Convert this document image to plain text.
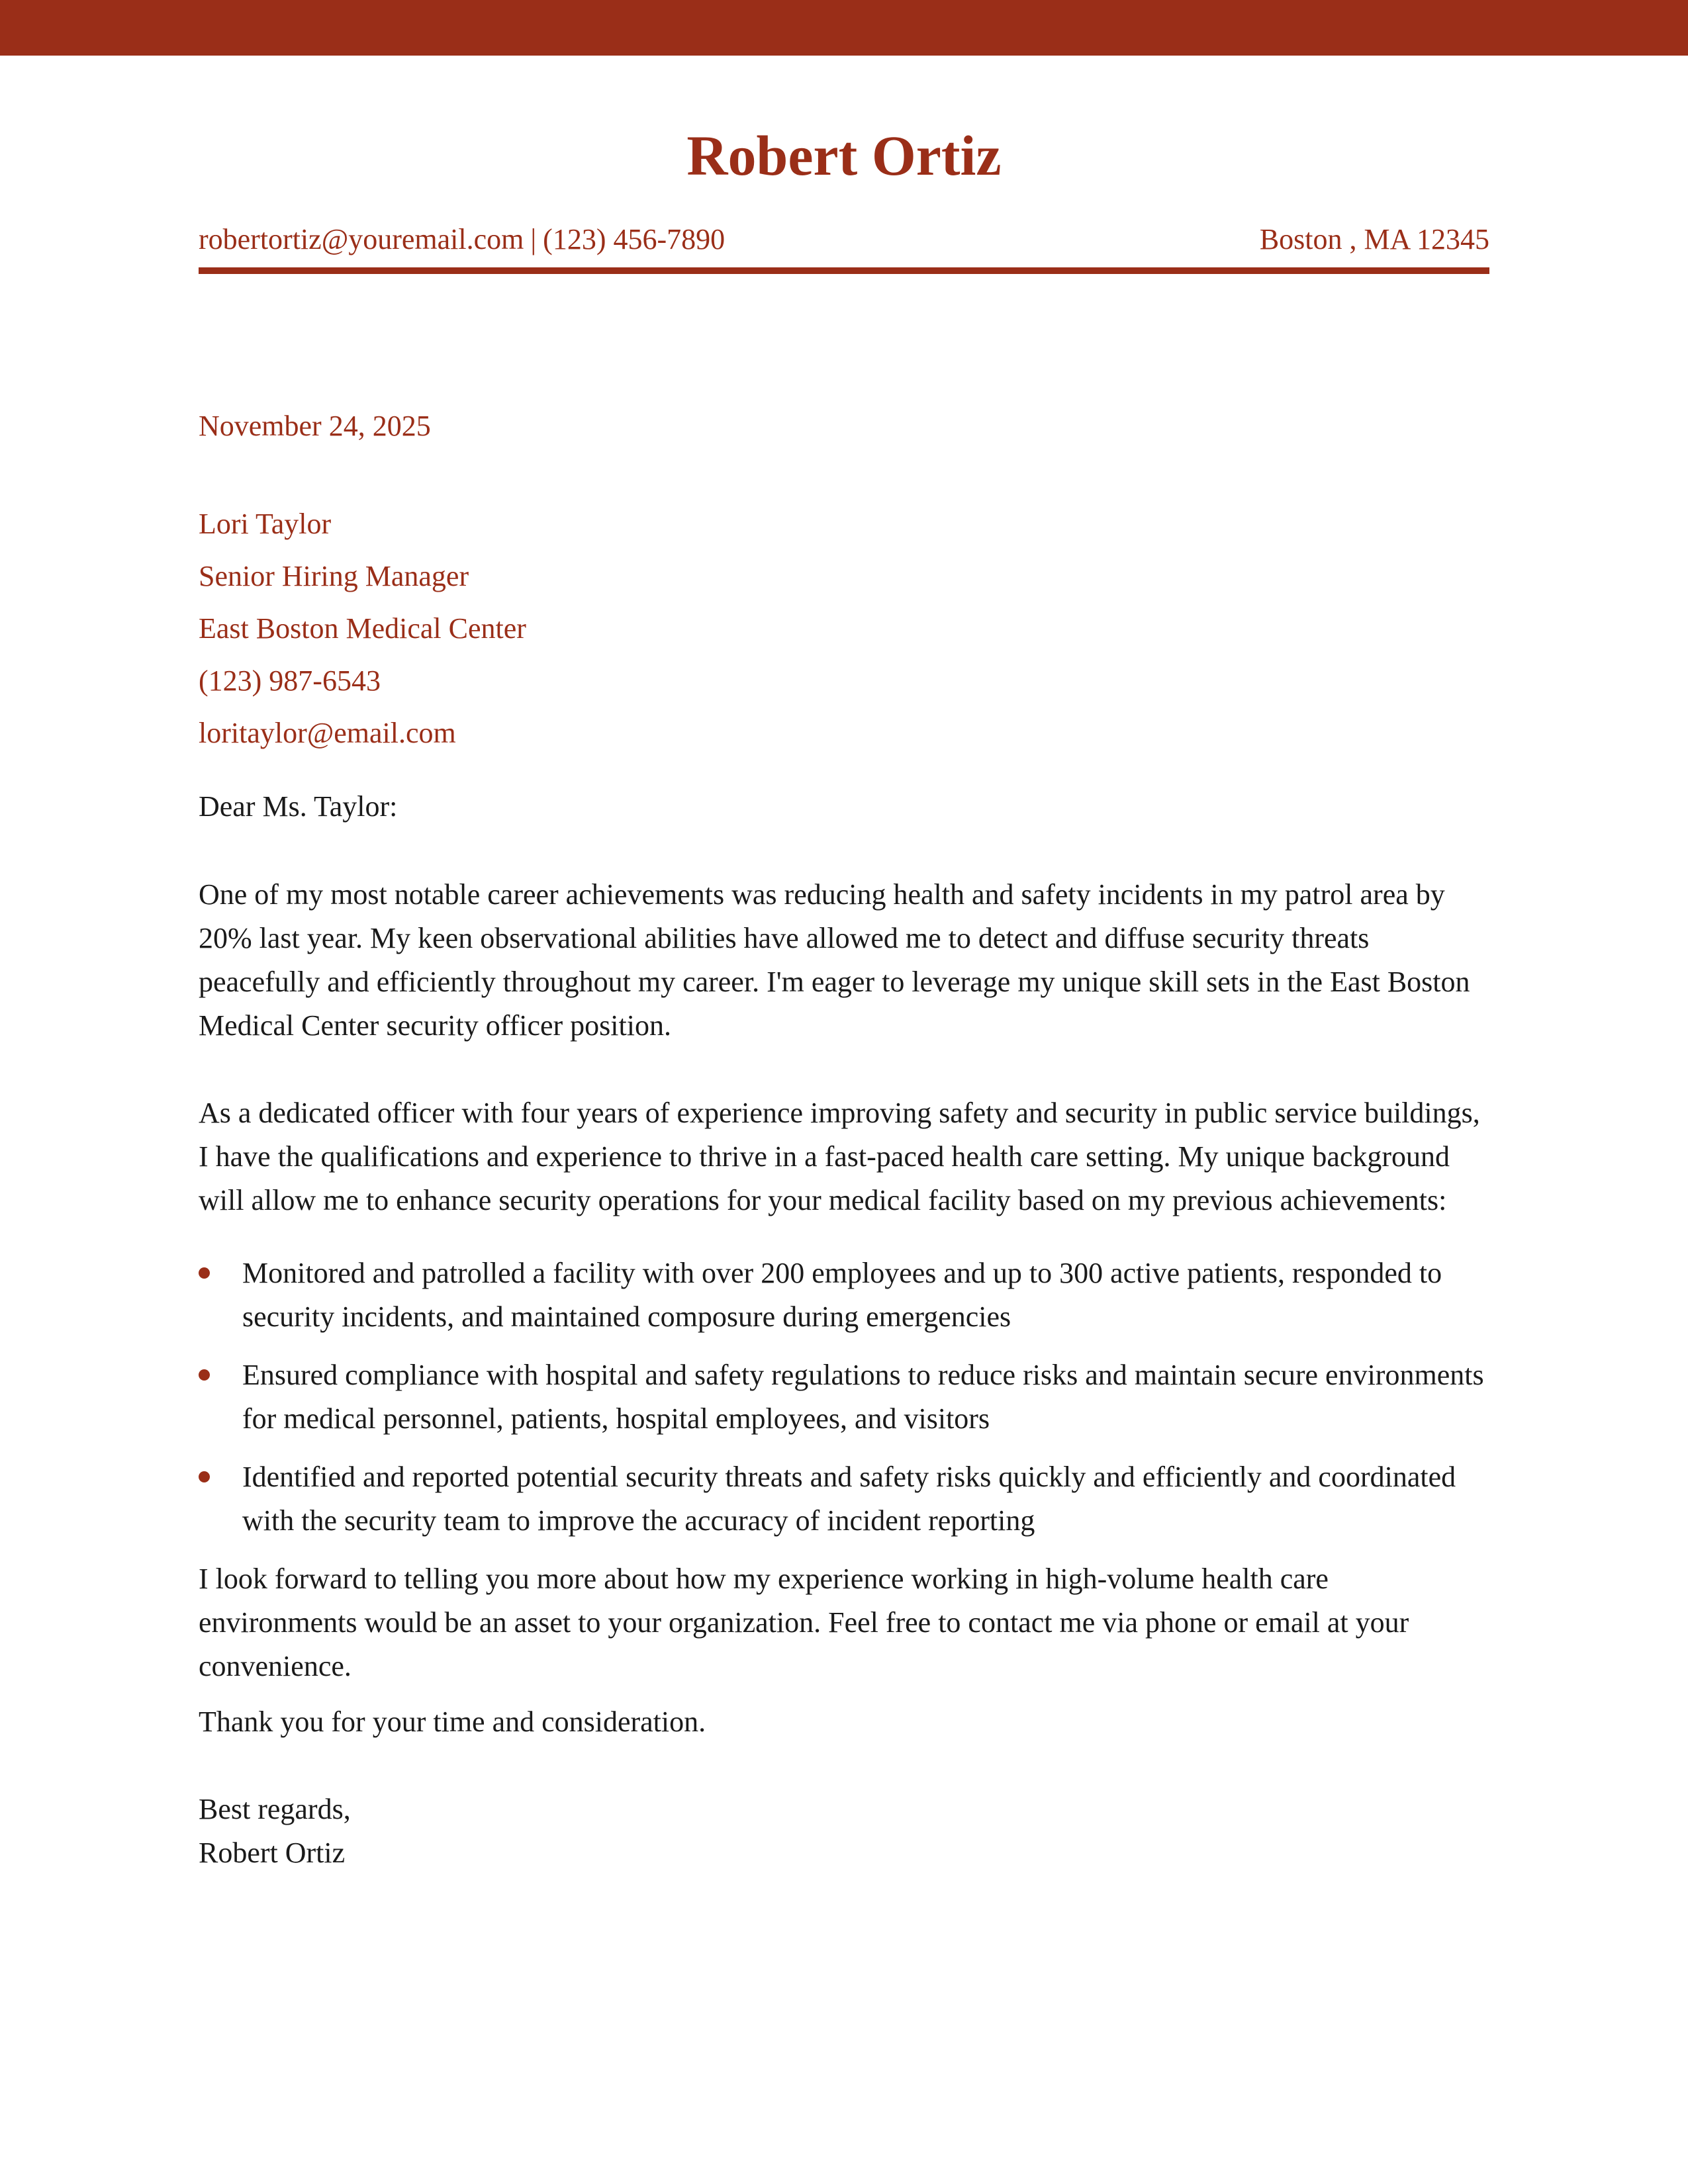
Robert Ortiz
robertortiz@youremail.com | (123) 456-7890	Boston , MA 12345
November 24, 2025
Lori Taylor
Senior Hiring Manager
East Boston Medical Center
(123) 987-6543
loritaylor@email.com
Dear Ms. Taylor:

One of my most notable career achievements was reducing health and safety incidents in my patrol area by 20% last year. My keen observational abilities have allowed me to detect and diffuse security threats peacefully and efficiently throughout my career. I'm eager to leverage my unique skill sets in the East Boston Medical Center security officer position.

As a dedicated officer with four years of experience improving safety and security in public service buildings, I have the qualifications and experience to thrive in a fast-paced health care setting. My unique background will allow me to enhance security operations for your medical facility based on my previous achievements:

Monitored and patrolled a facility with over 200 employees and up to 300 active patients, responded to security incidents, and maintained composure during emergencies
Ensured compliance with hospital and safety regulations to reduce risks and maintain secure environments for medical personnel, patients, hospital employees, and visitors
Identified and reported potential security threats and safety risks quickly and efficiently and coordinated with the security team to improve the accuracy of incident reporting

I look forward to telling you more about how my experience working in high-volume health care environments would be an asset to your organization. Feel free to contact me via phone or email at your convenience.

Thank you for your time and consideration.

Best regards,
Robert Ortiz
